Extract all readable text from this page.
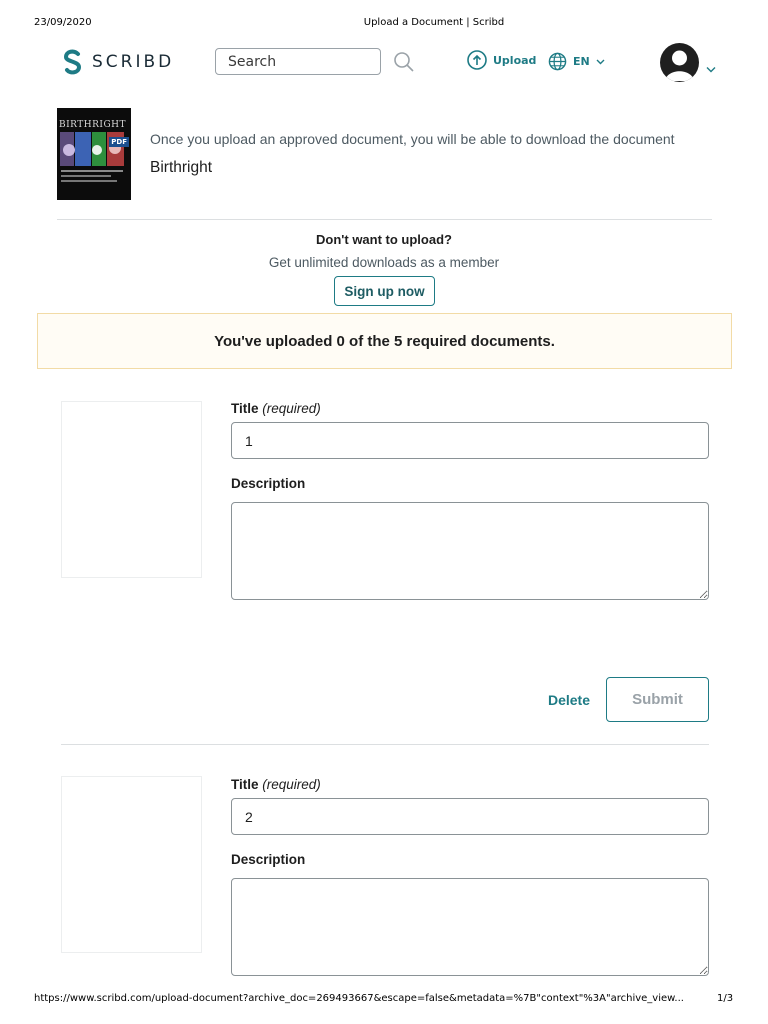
23/09/2020	Upload a Document | Scribd
SCRIBD
Search	Upload	EN
BIRTHRIGHT
PDF Once you upload an approved document, you will be able to download the document
Birthright
Don't want to upload?
Get unlimited downloads as a member
Sign up now
You've uploaded 0 of the 5 required documents.
Title (required)
1
Description
Delete	Submit
Title (required)
2
Description
https://www.scribd.com/upload-document?archive_doc=269493667&escape=false&metadata=%7B"context"%3A"archive_view...	1/3
